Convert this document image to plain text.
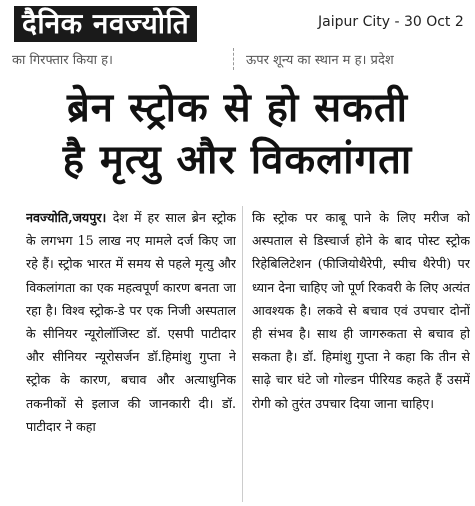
दैनिक नवज्योति	Jaipur City - 30 Oct 2
का गिरफ्तार किया ह।	ऊपर शून्य का स्थान म ह। प्रदेश
ब्रेन स्ट्रोक से हो सकती
है मृत्यु और विकलांगता
नवज्योति,जयपुर। देश में हर साल ब्रेन स्ट्रोक के लगभग 15 लाख नए मामले दर्ज किए जा रहे हैं। स्ट्रोक भारत में समय से पहले मृत्यु और विकलांगता का एक महत्वपूर्ण कारण बनता जा रहा है। विश्व स्ट्रोक-डे पर एक निजी अस्पताल के सीनियर न्यूरोलॉजिस्ट डॉ. एसपी पाटीदार और सीनियर न्यूरोसर्जन डॉ.हिमांशु गुप्ता ने स्ट्रोक के कारण, बचाव और अत्याधुनिक तकनीकों से इलाज की जानकारी दी। डॉ. पाटीदार ने कहा
कि स्ट्रोक पर काबू पाने के लिए मरीज को अस्पताल से डिस्चार्ज होने के बाद पोस्ट स्ट्रोक रिहेबिलिटेशन (फीजियोथैरेपी, स्पीच थैरेपी) पर ध्यान देना चाहिए जो पूर्ण रिकवरी के लिए अत्यंत आवश्यक है। लकवे से बचाव एवं उपचार दोनों ही संभव है। साथ ही जागरुकता से बचाव हो सकता है। डॉ. हिमांशु गुप्ता ने कहा कि तीन से साढ़े चार घंटे जो गोल्डन पीरियड कहते हैं उसमें रोगी को तुरंत उपचार दिया जाना चाहिए।
